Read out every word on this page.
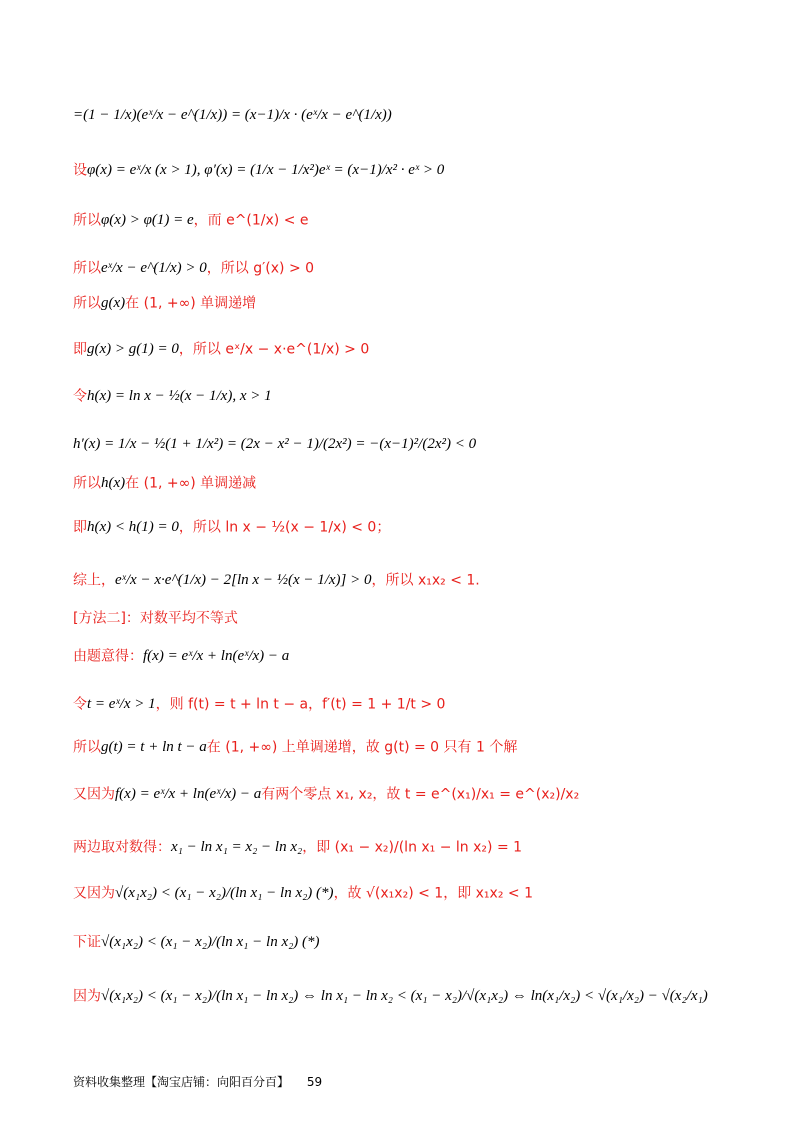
=(1 − 1/x)(eˣ/x − e^(1/x)) = (x−1)/x · (eˣ/x − e^(1/x))
设φ(x) = eˣ/x (x > 1), φ′(x) = (1/x − 1/x²)eˣ = (x−1)/x² · eˣ > 0
所以φ(x) > φ(1) = e，而 e^(1/x) < e
所以eˣ/x − e^(1/x) > 0，所以 g′(x) > 0
所以g(x)在 (1, +∞) 单调递增
即g(x) > g(1) = 0，所以 eˣ/x − x·e^(1/x) > 0
令h(x) = ln x − ½(x − 1/x), x > 1
h′(x) = 1/x − ½(1 + 1/x²) = (2x − x² − 1)/(2x²) = −(x−1)²/(2x²) < 0
所以h(x)在 (1, +∞) 单调递减
即h(x) < h(1) = 0，所以 ln x − ½(x − 1/x) < 0；
综上，eˣ/x − x·e^(1/x) − 2[ln x − ½(x − 1/x)] > 0，所以 x₁x₂ < 1.
[方法二]：对数平均不等式
由题意得：f(x) = eˣ/x + ln(eˣ/x) − a
令t = eˣ/x > 1，则 f(t) = t + ln t − a，f′(t) = 1 + 1/t > 0
所以g(t) = t + ln t − a在 (1, +∞) 上单调递增，故 g(t) = 0 只有 1 个解
又因为f(x) = eˣ/x + ln(eˣ/x) − a有两个零点 x₁, x₂，故 t = e^(x₁)/x₁ = e^(x₂)/x₂
两边取对数得：x₁ − ln x₁ = x₂ − ln x₂，即 (x₁ − x₂)/(ln x₁ − ln x₂) = 1
又因为√(x₁x₂) < (x₁ − x₂)/(ln x₁ − ln x₂) (*)，故 √(x₁x₂) < 1，即 x₁x₂ < 1
下证√(x₁x₂) < (x₁ − x₂)/(ln x₁ − ln x₂) (*)
因为√(x₁x₂) < (x₁ − x₂)/(ln x₁ − ln x₂) ⇔ ln x₁ − ln x₂ < (x₁ − x₂)/√(x₁x₂) ⇔ ln(x₁/x₂) < √(x₁/x₂) − √(x₂/x₁)
资料收集整理【淘宝店铺：向阳百分百】 59
